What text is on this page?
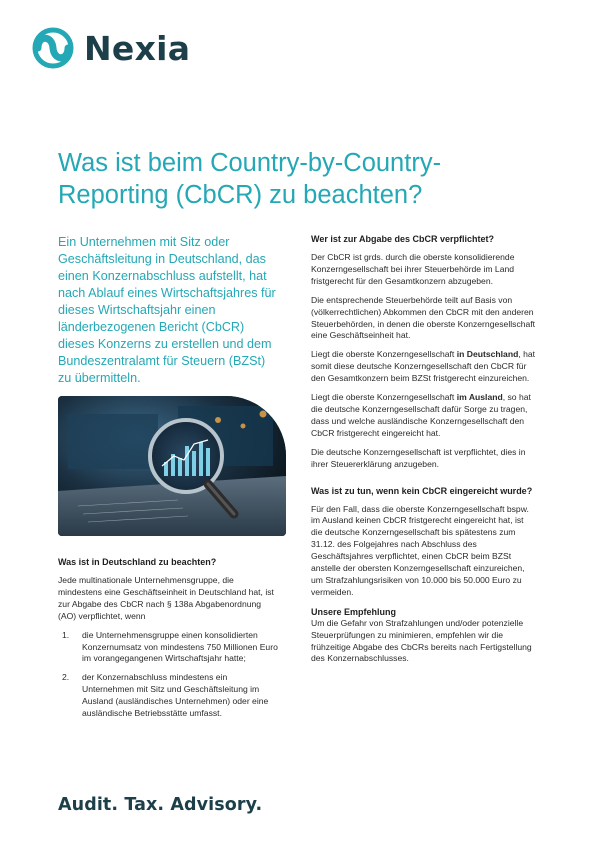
Nexia
Was ist beim Country-by-Country-Reporting (CbCR) zu beachten?

Ein Unternehmen mit Sitz oder Geschäftsleitung in Deutschland, das einen Konzernabschluss aufstellt, hat nach Ablauf eines Wirtschaftsjahres für dieses Wirtschaftsjahr einen länderbezogenen Bericht (CbCR) dieses Konzerns zu erstellen und dem Bundeszentralamt für Steuern (BZSt) zu übermitteln.

Was ist in Deutschland zu beachten?

Jede multinationale Unternehmensgruppe, die mindestens eine Geschäftseinheit in Deutschland hat, ist zur Abgabe des CbCR nach § 138a Abgabenordnung (AO) verpflichtet, wenn

1.	die Unternehmensgruppe einen konsolidierten Konzernumsatz von mindestens 750 Millionen Euro im vorangegangenen Wirtschaftsjahr hatte;
2.	der Konzernabschluss mindestens ein Unternehmen mit Sitz und Geschäftsleitung im Ausland (ausländisches Unternehmen) oder eine ausländische Betriebsstätte umfasst.
Wer ist zur Abgabe des CbCR verpflichtet?

Der CbCR ist grds. durch die oberste konsolidierende Konzerngesellschaft bei ihrer Steuerbehörde im Land fristgerecht für den Gesamtkonzern abzugeben.

Die entsprechende Steuerbehörde teilt auf Basis von (völkerrechtlichen) Abkommen den CbCR mit den anderen Steuerbehörden, in denen die oberste Konzerngesellschaft eine Geschäftseinheit hat.

Liegt die oberste Konzerngesellschaft in Deutschland, hat somit diese deutsche Konzerngesellschaft den CbCR für den Gesamtkonzern beim BZSt fristgerecht einzureichen.

Liegt die oberste Konzerngesellschaft im Ausland, so hat die deutsche Konzerngesellschaft dafür Sorge zu tragen, dass und welche ausländische Konzerngesellschaft den CbCR fristgerecht eingereicht hat.

Die deutsche Konzerngesellschaft ist verpflichtet, dies in ihrer Steuererklärung anzugeben.

Was ist zu tun, wenn kein CbCR eingereicht wurde?

Für den Fall, dass die oberste Konzerngesellschaft bspw. im Ausland keinen CbCR fristgerecht eingereicht hat, ist die deutsche Konzerngesellschaft bis spätestens zum 31.12. des Folgejahres nach Abschluss des Geschäftsjahres verpflichtet, einen CbCR beim BZSt anstelle der obersten Konzerngesellschaft einzureichen, um Strafzahlungsrisiken von 10.000 bis 50.000 Euro zu vermeiden.

Unsere Empfehlung

Um die Gefahr von Strafzahlungen und/oder potenzielle Steuerprüfungen zu minimieren, empfehlen wir die frühzeitige Abgabe des CbCRs bereits nach Fertigstellung des Konzernabschlusses.

Audit. Tax. Advisory.
